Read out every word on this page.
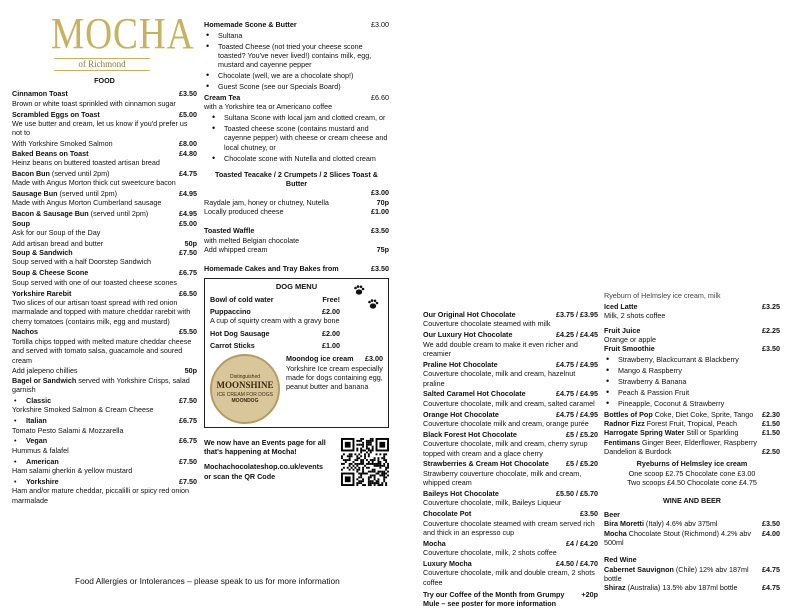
MOCHA
of Richmond
FOOD
Cinnamon Toast	£3.50
Brown or white toast sprinkled with cinnamon sugar
Scrambled Eggs on Toast	£5.00
We use butter and cream, let us know if you'd prefer us not to
With Yorkshire Smoked Salmon	£8.00
Baked Beans on Toast	£4.80
Heinz beans on buttered toasted artisan bread
Bacon Bun (served until 2pm)	£4.75
Made with Angus Morton thick cut sweetcure bacon
Sausage Bun (served until 2pm)	£4.95
Made with Angus Morton Cumberland sausage
Bacon & Sausage Bun (served until 2pm)	£4.95
Soup	£5.00
Ask for our Soup of the Day
Add artisan bread and butter	50p
Soup & Sandwich	£7.50
Soup served with a half Doorstep Sandwich
Soup & Cheese Scone	£6.75
Soup served with one of our toasted cheese scones
Yorkshire Rarebit	£6.50
Two slices of our artisan toast spread with red onion marmalade and topped with mature cheddar rarebit with cherry tomatoes (contains milk, egg and mustard)
Nachos	£5.50
Tortilla chips topped with melted mature cheddar cheese and served with tomato salsa, guacamole and soured cream
Add jalepeno chillies	50p
Bagel or Sandwich served with Yorkshire Crisps, salad garnish
• Classic	£7.50
Yorkshire Smoked Salmon & Cream Cheese
• Italian	£6.75
Tomato Pesto Salami & Mozzarella
• Vegan	£6.75
Hummus & falafel
• American	£7.50
Ham salami gherkin & yellow mustard
• Yorkshire	£7.50
Ham and/or mature cheddar, piccalilli or spicy red onion marmalade
Homemade Scone & Butter	£3.00
• Sultana
• Toasted Cheese (not tried your cheese scone toasted? You've never lived!) contains milk, egg, mustard and cayenne pepper
• Chocolate (well, we are a chocolate shop!)
• Guest Scone (see our Specials Board)
Cream Tea	£6.60
with a Yorkshire tea or Americano coffee
• Sultana Scone with local jam and clotted cream, or
• Toasted cheese scone (contains mustard and cayenne pepper) with cheese or cream cheese and local chutney, or
• Chocolate scone with Nutella and clotted cream
Toasted Teacake / 2 Crumpets / 2 Slices Toast & Butter
£3.00
Raydale jam, honey or chutney, Nutella	70p
Locally produced cheese	£1.00
Toasted Waffle	£3.50
with melted Belgian chocolate
Add whipped cream	75p
Homemade Cakes and Tray Bakes from	£3.50
DOG MENU
Bowl of cold water	Free!
Puppaccino	£2.00
A cup of squirty cream with a gravy bone
Hot Dog Sausage	£2.00
Carrot Sticks	£1.00
Distinguished
MOONSHINE
ICE CREAM FOR DOGS
MOONDOG
Moondog ice cream	£3.00
Yorkshire Ice cream especially made for dogs containing egg, peanut butter and banana
We now have an Events page for all that's happening at Mocha!
Mochachocolateshop.co.uk/events or scan the QR Code
Our Original Hot Chocolate	£3.75 / £3.95
Couverture chocolate steamed with milk
Our Luxury Hot Chocolate	£4.25 / £4.45
We add double cream to make it even richer and creamier
Praline Hot Chocolate	£4.75 / £4.95
Couverture chocolate, milk and cream, hazelnut praline
Salted Caramel Hot Chocolate	£4.75 / £4.95
Couverture chocolate, milk and cream, salted caramel
Orange Hot Chocolate	£4.75 / £4.95
Couverture chocolate milk and cream, orange purée
Black Forest Hot Chocolate	£5 / £5.20
Couverture chocolate, milk and cream, cherry syrup topped with cream and a glace cherry
Strawberries & Cream Hot Chocolate	£5 / £5.20
Strawberry couverture chocolate, milk and cream, whipped cream
Baileys Hot Chocolate	£5.50 / £5.70
Couverture chocolate, milk, Baileys Liqueur
Chocolate Pot	£3.50
Couverture chocolate steamed with cream served rich and thick in an espresso cup
Mocha	£4 / £4.20
Couverture chocolate, milk, 2 shots coffee
Luxury Mocha	£4.50 / £4.70
Couverture chocolate, milk and double cream, 2 shots coffee
Try our Coffee of the Month from Grumpy Mule – see poster for more information
+20p
Ryeburn of Helmsley ice cream, milk
Iced Latte	£3.25
Milk, 2 shots coffee
Fruit Juice	£2.25
Orange or apple
Fruit Smoothie	£3.50
• Strawberry, Blackcurrant & Blackberry
• Mango & Raspberry
• Strawberry & Banana
• Peach & Passion Fruit
• Pineapple, Coconut & Strawberry
Bottles of Pop Coke, Diet Coke, Sprite, Tango	£2.30
Radnor Fizz Forest Fruit, Tropical, Peach	£1.50
Harrogate Spring Water Still or Sparkling	£1.50
Fentimans Ginger Beer, Elderflower, Raspberry
Dandelion & Burdock	£2.50
Ryeburns of Helmsley ice cream
One scoop £2.75 Chocolate cone £3.00
Two scoops £4.50 Chocolate cone £4.75
WINE AND BEER
Beer
Bira Moretti (Italy) 4.6% abv 375ml	£3.50
Mocha Chocolate Stout (Richmond) 4.2% abv 500ml
£4.00
Red Wine
Cabernet Sauvignon (Chile) 12% abv 187ml bottle
£4.75
Shiraz (Australia) 13.5% abv 187ml bottle	£4.75
Food Allergies or Intolerances – please speak to us for more information
